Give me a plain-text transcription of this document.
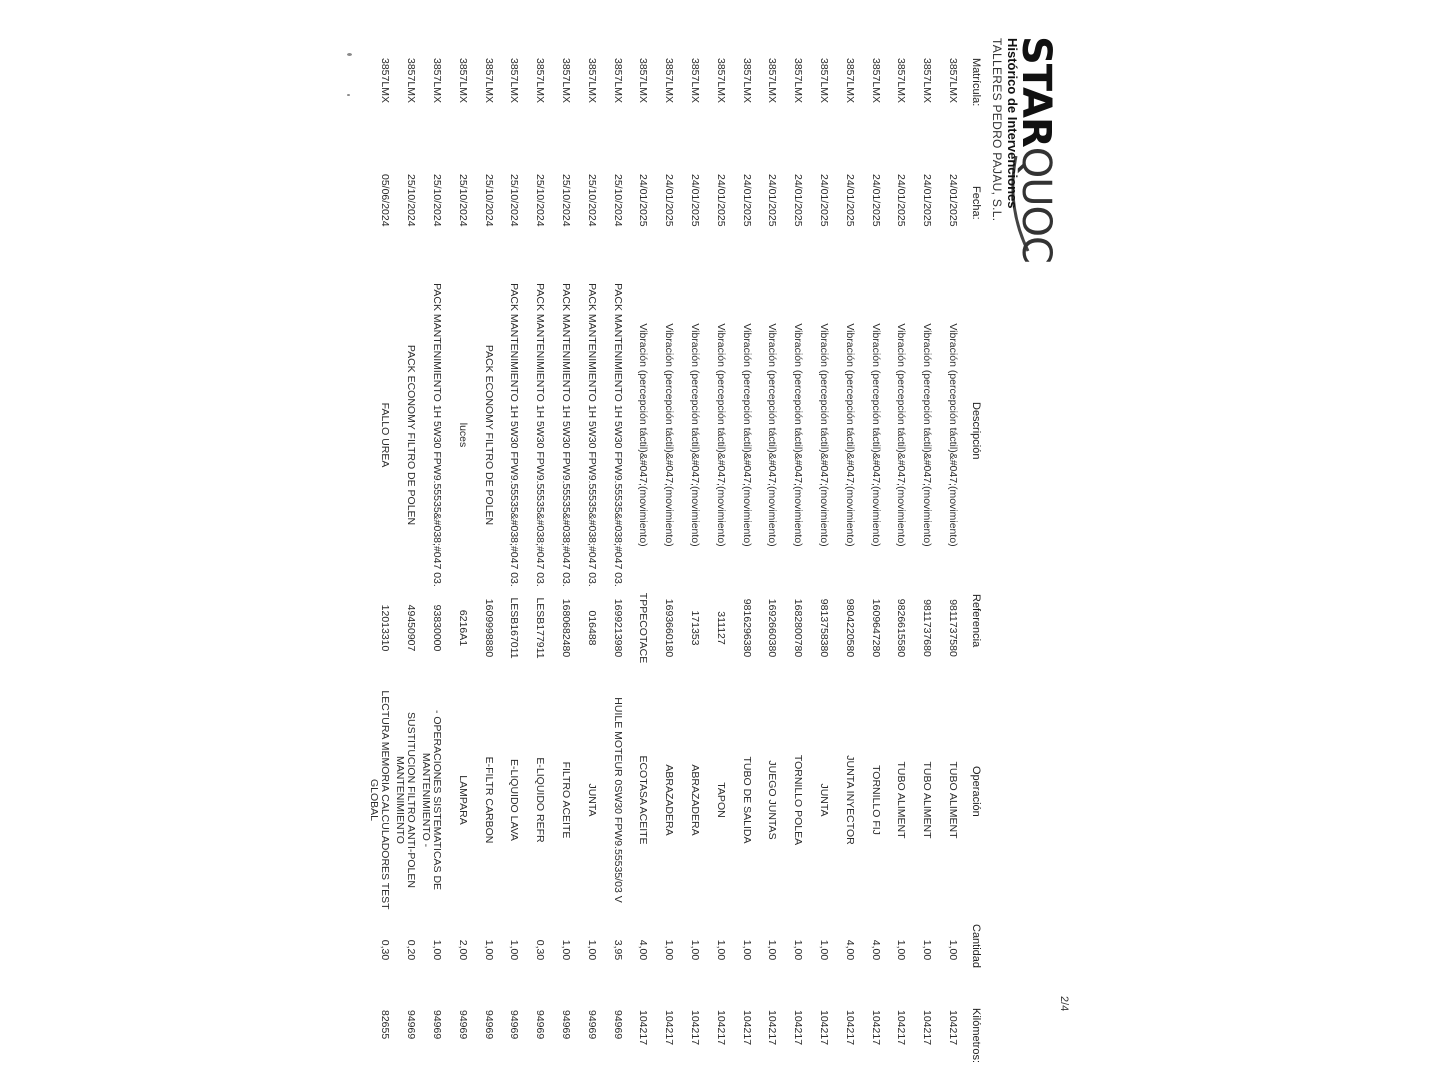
STARQUOC
Histórico de Intervenciones
TALLERES PEDRO PAJAU, S.L.
2/4
Matrícula:
Fecha:
Descripción
Referencia
Operación
Cantidad
Kilómetros:
3857LMX
24/01/2025
Vibración (percepción táctil)&#047;(movimiento)
9811737580
TUBO ALIMENT
1,00
104217
3857LMX
24/01/2025
Vibración (percepción táctil)&#047;(movimiento)
9811737680
TUBO ALIMENT
1,00
104217
3857LMX
24/01/2025
Vibración (percepción táctil)&#047;(movimiento)
9826615580
TUBO ALIMENT
1,00
104217
3857LMX
24/01/2025
Vibración (percepción táctil)&#047;(movimiento)
1609647280
TORNILLO FIJ
4,00
104217
3857LMX
24/01/2025
Vibración (percepción táctil)&#047;(movimiento)
9804220580
JUNTA INYECTOR
4,00
104217
3857LMX
24/01/2025
Vibración (percepción táctil)&#047;(movimiento)
9813758380
JUNTA
1,00
104217
3857LMX
24/01/2025
Vibración (percepción táctil)&#047;(movimiento)
1682800780
TORNILLO POLEA
1,00
104217
3857LMX
24/01/2025
Vibración (percepción táctil)&#047;(movimiento)
1692660380
JUEGO JUNTAS
1,00
104217
3857LMX
24/01/2025
Vibración (percepción táctil)&#047;(movimiento)
9816296380
TUBO DE SALIDA
1,00
104217
3857LMX
24/01/2025
Vibración (percepción táctil)&#047;(movimiento)
311127
TAPON
1,00
104217
3857LMX
24/01/2025
Vibración (percepción táctil)&#047;(movimiento)
171353
ABRAZADERA
1,00
104217
3857LMX
24/01/2025
Vibración (percepción táctil)&#047;(movimiento)
1693660180
ABRAZADERA
1,00
104217
3857LMX
24/01/2025
Vibración (percepción táctil)&#047;(movimiento)
TPPECOTACE
ECOTASA ACEITE
4,00
104217
3857LMX
25/10/2024
PACK MANTENIMIENTO 1H 5W30 FPW9.55535&#038;#047 03.
1699213980
HUILE MOTEUR 0SW30 FPW9.55535/03 V
3,95
94969
3857LMX
25/10/2024
PACK MANTENIMIENTO 1H 5W30 FPW9.55535&#038;#047 03.
016488
JUNTA
1,00
94969
3857LMX
25/10/2024
PACK MANTENIMIENTO 1H 5W30 FPW9.55535&#038;#047 03.
1680682480
FILTRO ACEITE
1,00
94969
3857LMX
25/10/2024
PACK MANTENIMIENTO 1H 5W30 FPW9.55535&#038;#047 03.
LESB177911
E-LIQUIDO REFR
0,30
94969
3857LMX
25/10/2024
PACK MANTENIMIENTO 1H 5W30 FPW9.55535&#038;#047 03.
LESB167011
E-LIQUIDO LAVA
1,00
94969
3857LMX
25/10/2024
PACK ECONOMY FILTRO DE POLEN
1609998880
E-FILTR CARBON
1,00
94969
3857LMX
25/10/2024
luces
6216A1
LAMPARA
2,00
94969
3857LMX
25/10/2024
PACK MANTENIMIENTO 1H 5W30 FPW9.55535&#038;#047 03.
93830000
- OPERACIONES SISTEMATICAS DE MANTENIMIENTO -
1,00
94969
3857LMX
25/10/2024
PACK ECONOMY FILTRO DE POLEN
49450907
SUSTITUCION FILTRO ANTI-POLEN MANTENIMIENTO
0,20
94969
3857LMX
05/06/2024
FALLO UREA
12013310
LECTURA MEMORIA CALCULADORES TEST GLOBAL
0,30
82655
